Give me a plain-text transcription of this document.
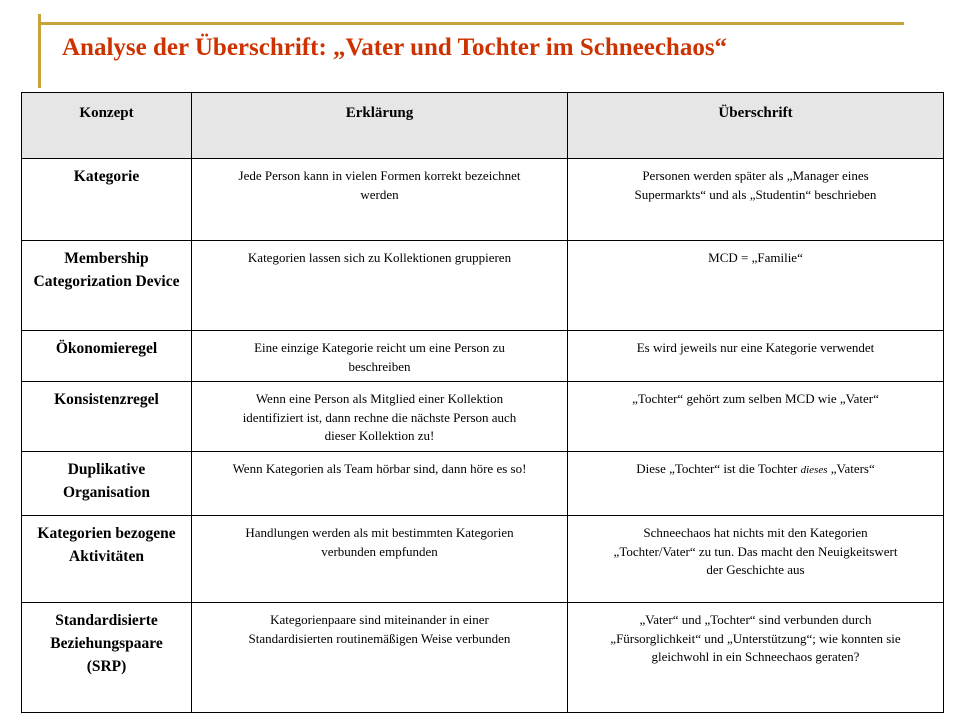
Analyse der Überschrift: „Vater und Tochter im Schneechaos“
Konzept	Erklärung	Überschrift
Kategorie	Jede Person kann in vielen Formen korrekt bezeichnet werden	Personen werden später als „Manager eines Supermarkts“ und als „Studentin“ beschrieben
Membership Categorization Device	Kategorien lassen sich zu Kollektionen gruppieren	MCD = „Familie“
Ökonomieregel	Eine einzige Kategorie reicht um eine Person zu beschreiben	Es wird jeweils nur eine Kategorie verwendet
Konsistenzregel	Wenn eine Person als Mitglied einer Kollektion identifiziert ist, dann rechne die nächste Person auch dieser Kollektion zu!	„Tochter“ gehört zum selben MCD wie „Vater“
Duplikative Organisation	Wenn Kategorien als Team hörbar sind, dann höre es so!	Diese „Tochter“ ist die Tochter dieses „Vaters“
Kategorien bezogene Aktivitäten	Handlungen werden als mit bestimmten Kategorien verbunden empfunden	Schneechaos hat nichts mit den Kategorien „Tochter/Vater“ zu tun. Das macht den Neuigkeitswert der Geschichte aus
Standardisierte Beziehungspaare (SRP)	Kategorienpaare sind miteinander in einer Standardisierten routinemäßigen Weise verbunden	„Vater“ und „Tochter“ sind verbunden durch „Fürsorglichkeit“ und „Unterstützung“; wie konnten sie gleichwohl in ein Schneechaos geraten?
